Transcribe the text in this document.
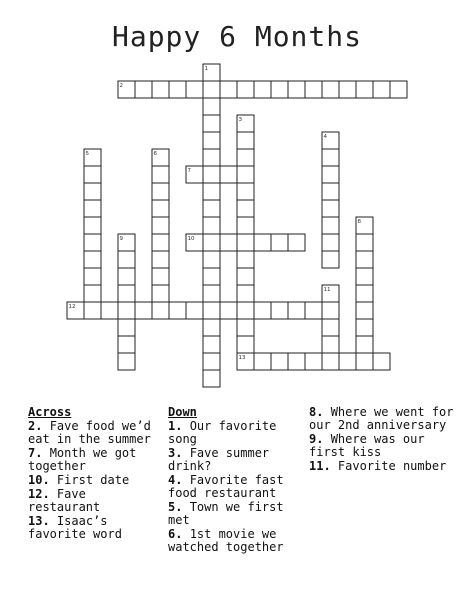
Happy 6 Months
1
2
3
4
5	6
7
8
9	10
11
12
13
Across
2. Fave food we’d eat in the summer
7. Month we got together
10. First date
12. Fave restaurant
13. Isaac’s favorite word
Down
1. Our favorite song
3. Fave summer drink?
4. Favorite fast food restaurant
5. Town we first met
6. 1st movie we watched together
8. Where we went for our 2nd anniversary
9. Where was our first kiss
11. Favorite number
